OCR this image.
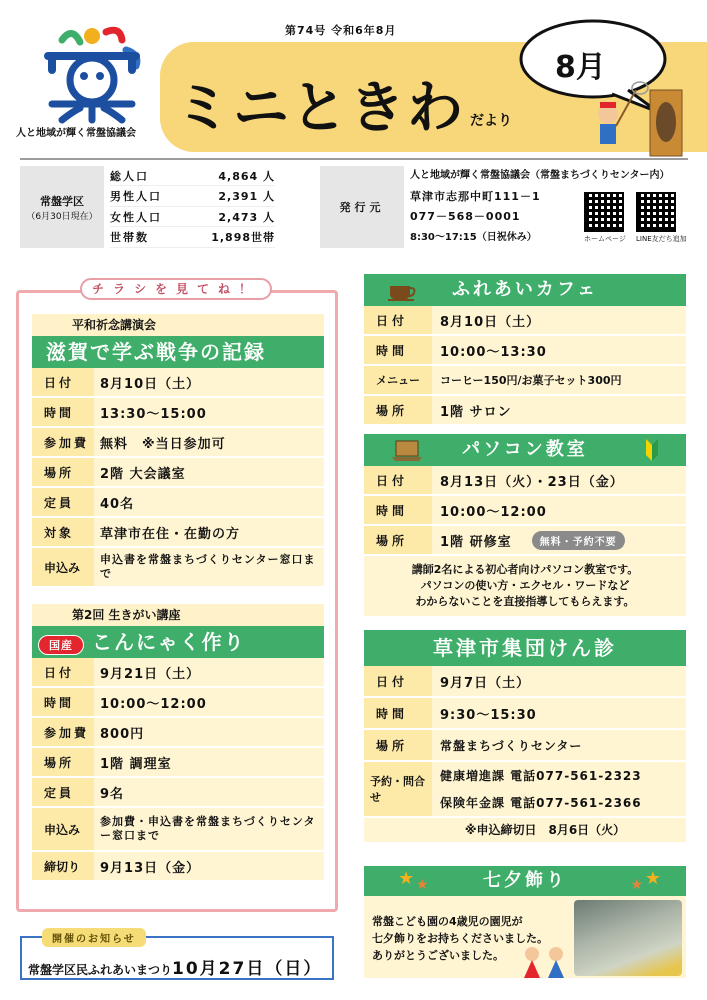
第74号 令和6年8月
人と地域が輝く常盤協議会 ミニときわ だより
8月
常盤学区
（6月30日現在）
総人口	4,864 人
男性人口	2,391 人
女性人口	2,473 人
世帯数	1,898世帯
発行元
人と地域が輝く常盤協議会（常盤まちづくりセンター内）
草津市志那中町111－1
077－568－0001
8:30～17:15（日祝休み）	ホームページ LINE友だち追加
チラシを見てね！
平和祈念講演会
滋賀で学ぶ戦争の記録
日付	8月10日（土）
時間	13:30～15:00
参加費 無料　※当日参加可
場所	2階 大会議室
定員	40名
対象	草津市在住・在勤の方
申込み
申込書を常盤まちづくりセンター窓口まで
第2回 生きがい講座
国産 こんにゃく作り
日付	9月21日（土）
時間	10:00～12:00
参加費 800円
場所	1階 調理室
定員	9名
申込み
参加費・申込書を常盤まちづくりセンター窓口まで
締切り	9月13日（金）
ふれあいカフェ
日付	8月10日（土）
時間	10:00～13:30
メニュー	コーヒー150円/お菓子セット300円
場所	1階 サロン
パソコン教室
日付	8月13日（火）・23日（金）
時間	10:00～12:00
場所	1階 研修室	無料・予約不要
講師2名による初心者向けパソコン教室です。
パソコンの使い方・エクセル・ワードなど
わからないことを直接指導してもらえます。
草津市集団けん診
日付	9月7日（土）
時間	9:30～15:30
場所	常盤まちづくりセンター
予約・問合せ
健康増進課 電話077-561-2323
保険年金課 電話077-561-2366
※申込締切日　8月6日（火）
★
★	七夕飾り	★
★
常盤こども園の4歳児の園児が
七夕飾りをお持ちくださいました。
ありがとうございました。
開催のお知らせ
常盤学区民ふれあいまつり10月27日（日）
